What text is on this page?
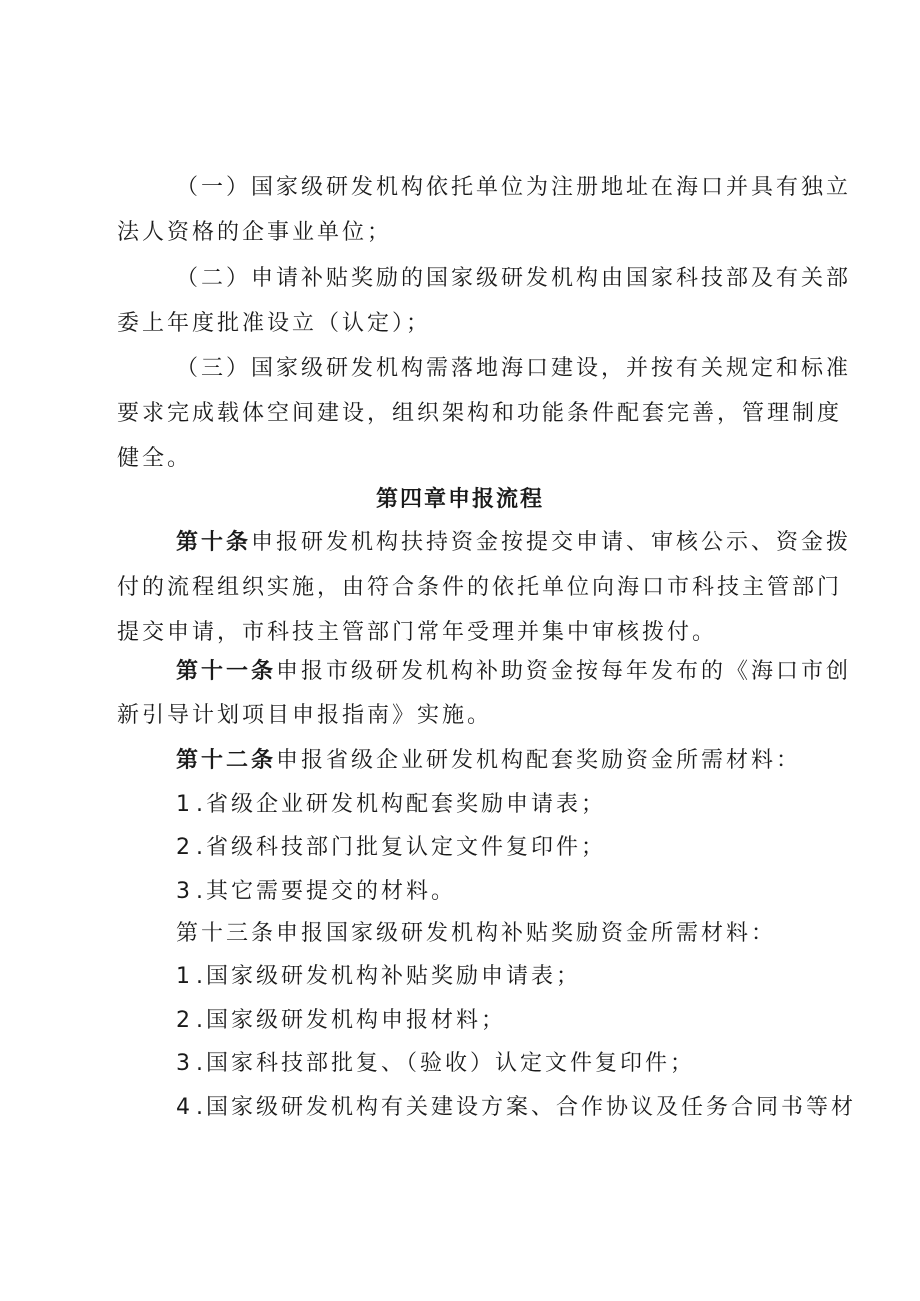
（一）国家级研发机构依托单位为注册地址在海口并具有独立
法人资格的企事业单位；
（二）申请补贴奖励的国家级研发机构由国家科技部及有关部
委上年度批准设立（认定）；
（三）国家级研发机构需落地海口建设，并按有关规定和标准
要求完成载体空间建设，组织架构和功能条件配套完善，管理制度
健全。
第四章申报流程
第十条申报研发机构扶持资金按提交申请、审核公示、资金拨
付的流程组织实施，由符合条件的依托单位向海口市科技主管部门
提交申请，市科技主管部门常年受理并集中审核拨付。
第十一条申报市级研发机构补助资金按每年发布的《海口市创
新引导计划项目申报指南》实施。
第十二条申报省级企业研发机构配套奖励资金所需材料：
1.省级企业研发机构配套奖励申请表；
2.省级科技部门批复认定文件复印件；
3.其它需要提交的材料。
第十三条申报国家级研发机构补贴奖励资金所需材料：
1.国家级研发机构补贴奖励申请表；
2.国家级研发机构申报材料；
3.国家科技部批复、（验收）认定文件复印件；
4.国家级研发机构有关建设方案、合作协议及任务合同书等材
